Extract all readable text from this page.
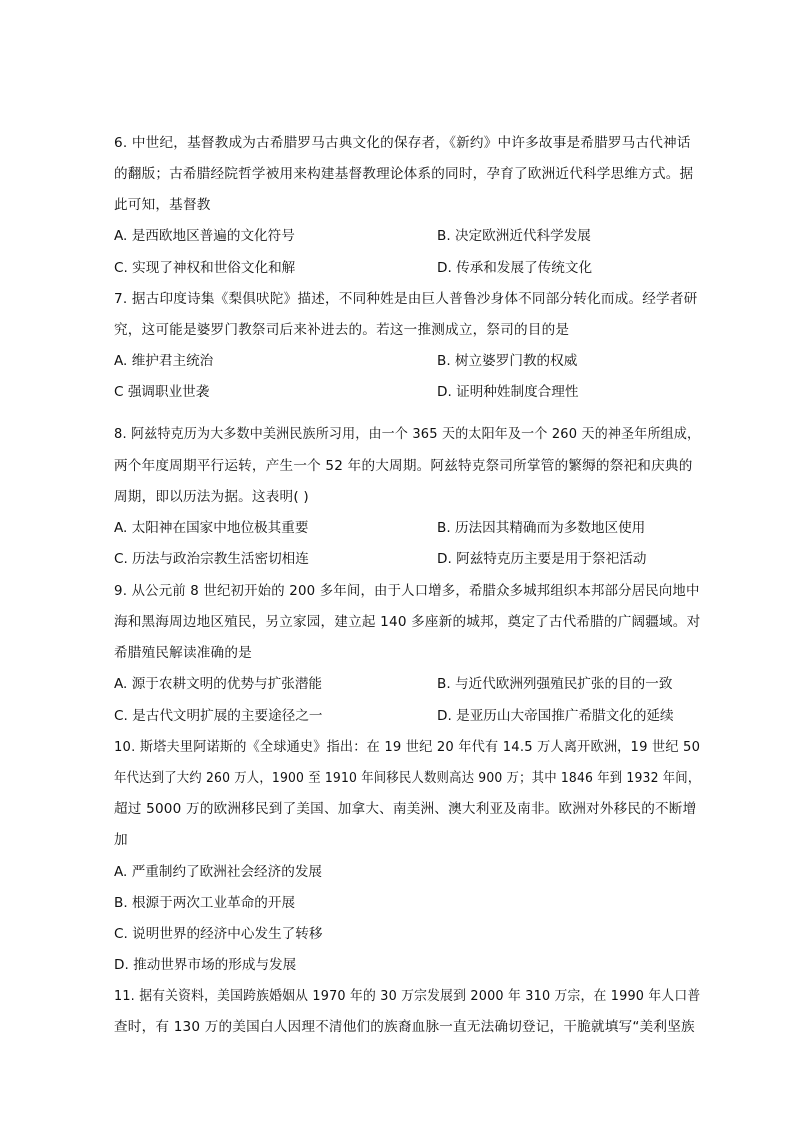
6. 中世纪，基督教成为古希腊罗马古典文化的保存者，《新约》中许多故事是希腊罗马古代神话
的翻版；古希腊经院哲学被用来构建基督教理论体系的同时，孕育了欧洲近代科学思维方式。据
此可知，基督教
A. 是西欧地区普遍的文化符号	B. 决定欧洲近代科学发展
C. 实现了神权和世俗文化和解	D. 传承和发展了传统文化
7. 据古印度诗集《梨俱吠陀》描述，不同种姓是由巨人普鲁沙身体不同部分转化而成。经学者研
究，这可能是婆罗门教祭司后来补进去的。若这一推测成立，祭司的目的是
A. 维护君主统治	B. 树立婆罗门教的权威
C 强调职业世袭	D. 证明种姓制度合理性
8. 阿兹特克历为大多数中美洲民族所习用，由一个 365 天的太阳年及一个 260 天的神圣年所组成，
两个年度周期平行运转，产生一个 52 年的大周期。阿兹特克祭司所掌管的繁缛的祭祀和庆典的
周期，即以历法为据。这表明( )
A. 太阳神在国家中地位极其重要	B. 历法因其精确而为多数地区使用
C. 历法与政治宗教生活密切相连	D. 阿兹特克历主要是用于祭祀活动
9. 从公元前 8 世纪初开始的 200 多年间，由于人口增多，希腊众多城邦组织本邦部分居民向地中
海和黑海周边地区殖民，另立家园，建立起 140 多座新的城邦，奠定了古代希腊的广阔疆域。对
希腊殖民解读准确的是
A. 源于农耕文明的优势与扩张潜能	B. 与近代欧洲列强殖民扩张的目的一致
C. 是古代文明扩展的主要途径之一	D. 是亚历山大帝国推广希腊文化的延续
10. 斯塔夫里阿诺斯的《全球通史》指出：在 19 世纪 20 年代有 14.5 万人离开欧洲，19 世纪 50
年代达到了大约 260 万人，1900 至 1910 年间移民人数则高达 900 万；其中 1846 年到 1932 年间，
超过 5000 万的欧洲移民到了美国、加拿大、南美洲、澳大利亚及南非。欧洲对外移民的不断增
加
A. 严重制约了欧洲社会经济的发展
B. 根源于两次工业革命的开展
C. 说明世界的经济中心发生了转移
D. 推动世界市场的形成与发展
11. 据有关资料，美国跨族婚姻从 1970 年的 30 万宗发展到 2000 年 310 万宗，在 1990 年人口普
查时，有 130 万的美国白人因理不清他们的族裔血脉一直无法确切登记，干脆就填写“美利坚族
